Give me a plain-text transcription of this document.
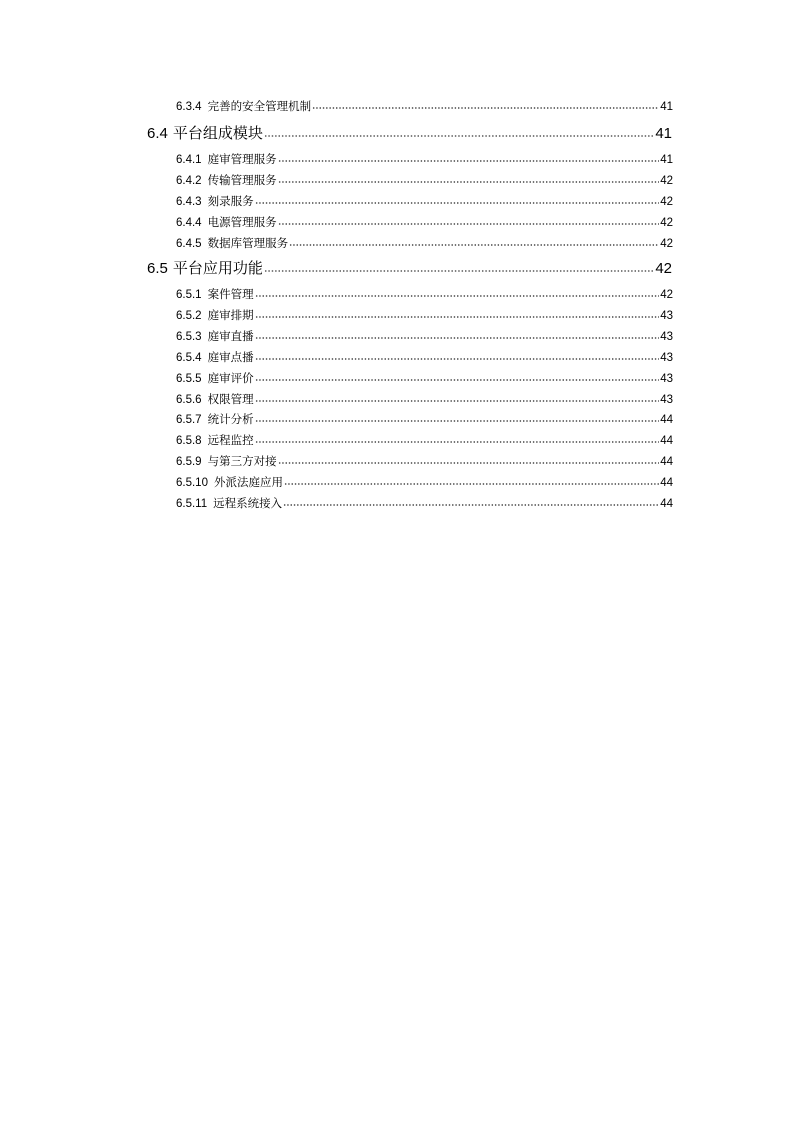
6.3.4 完善的安全管理机制	41
6.4 平台组成模块	41
6.4.1 庭审管理服务	41
6.4.2 传输管理服务	42
6.4.3 刻录服务	42
6.4.4 电源管理服务	42
6.4.5 数据库管理服务	42
6.5 平台应用功能	42
6.5.1 案件管理	42
6.5.2 庭审排期	43
6.5.3 庭审直播	43
6.5.4 庭审点播	43
6.5.5 庭审评价	43
6.5.6 权限管理	43
6.5.7 统计分析	44
6.5.8 远程监控	44
6.5.9 与第三方对接	44
6.5.10 外派法庭应用	44
6.5.11 远程系统接入	44
